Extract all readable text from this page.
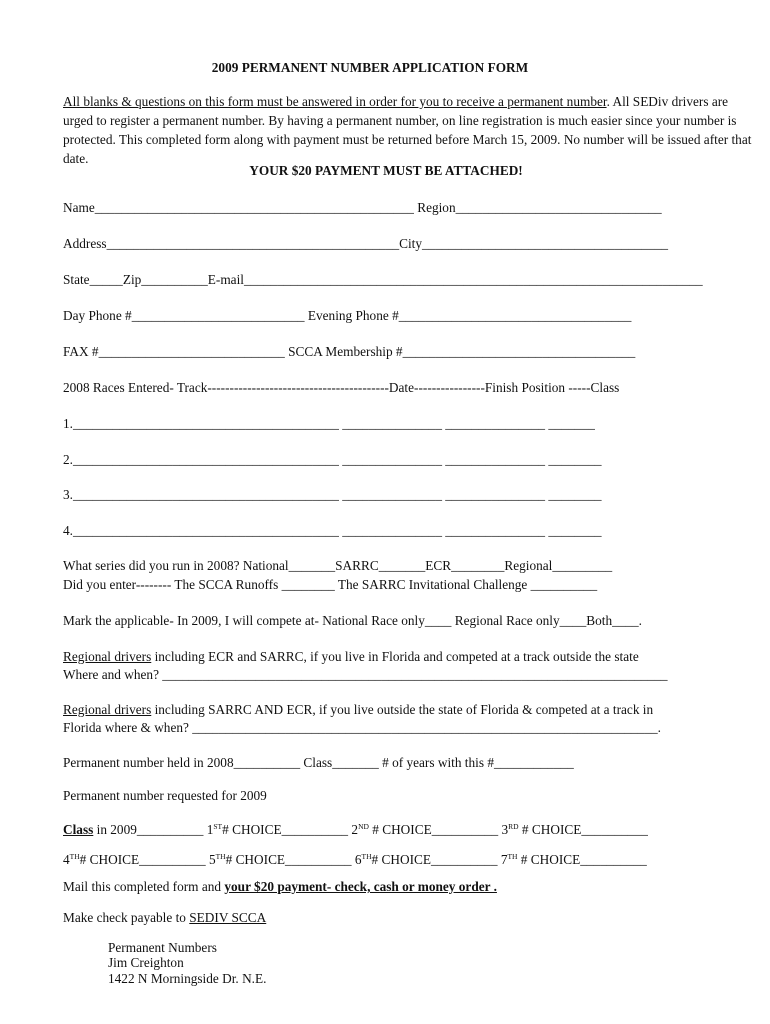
2009 PERMANENT NUMBER APPLICATION FORM
All blanks & questions on this form must be answered in order for you to receive a permanent number. All SEDiv drivers are urged to register a permanent number. By having a permanent number, on line registration is much easier since your number is protected. This completed form along with payment must be returned before March 15, 2009. No number will be issued after that date.
YOUR $20 PAYMENT MUST BE ATTACHED!
Name________________________________________________ Region_______________________________
Address____________________________________________City_____________________________________
State_____Zip__________E-mail_____________________________________________________________________
Day Phone #__________________________ Evening Phone #___________________________________
FAX #____________________________ SCCA Membership #___________________________________
2008 Races Entered- Track-----------------------------------------Date----------------Finish Position -----Class
1.________________________________________ _______________ _______________ _______
2.________________________________________ _______________ _______________ ________
3.________________________________________ _______________ _______________ ________
4.________________________________________ _______________ _______________ ________
What series did you run in 2008? National_______SARRC_______ECR________Regional_________
Did you enter-------- The SCCA Runoffs ________ The SARRC Invitational Challenge __________
Mark the applicable- In 2009, I will compete at- National Race only____ Regional Race only____Both____.
Regional drivers including ECR and SARRC, if you live in Florida and competed at a track outside the state
Where and when? ____________________________________________________________________________
Regional drivers including SARRC AND ECR, if you live outside the state of Florida & competed at a track in
Florida where & when? ______________________________________________________________________.
Permanent number held in 2008__________ Class_______ # of years with this #____________
Permanent number requested for 2009
Class in 2009__________ 1ST# CHOICE__________ 2ND # CHOICE__________ 3RD # CHOICE__________
4TH# CHOICE__________ 5TH# CHOICE__________ 6TH# CHOICE__________ 7TH # CHOICE__________
Mail this completed form and your $20 payment- check, cash or money order .
Make check payable to SEDIV SCCA
Permanent Numbers
Jim Creighton
1422 N Morningside Dr. N.E.
